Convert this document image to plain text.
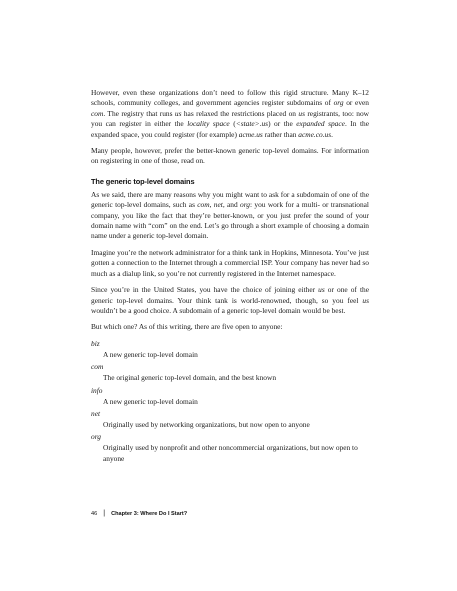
However, even these organizations don’t need to follow this rigid structure. Many K–12 schools, community colleges, and government agencies register subdomains of org or even com. The registry that runs us has relaxed the restrictions placed on us registrants, too: now you can register in either the locality space (<state>.us) or the expanded space. In the expanded space, you could register (for example) acme.us rather than acme.co.us.

Many people, however, prefer the better-known generic top-level domains. For information on registering in one of those, read on.

The generic top-level domains

As we said, there are many reasons why you might want to ask for a subdomain of one of the generic top-level domains, such as com, net, and org: you work for a multi- or transnational company, you like the fact that they’re better-known, or you just prefer the sound of your domain name with “com” on the end. Let’s go through a short example of choosing a domain name under a generic top-level domain.

Imagine you’re the network administrator for a think tank in Hopkins, Minnesota. You’ve just gotten a connection to the Internet through a commercial ISP. Your company has never had so much as a dialup link, so you’re not currently registered in the Internet namespace.

Since you’re in the United States, you have the choice of joining either us or one of the generic top-level domains. Your think tank is world-renowned, though, so you feel us wouldn’t be a good choice. A subdomain of a generic top-level domain would be best.

But which one? As of this writing, there are five open to anyone:

biz
A new generic top-level domain
com
The original generic top-level domain, and the best known
info
A new generic top-level domain
net
Originally used by networking organizations, but now open to anyone
org
Originally used by nonprofit and other noncommercial organizations, but now open to anyone
46 | Chapter 3: Where Do I Start?
